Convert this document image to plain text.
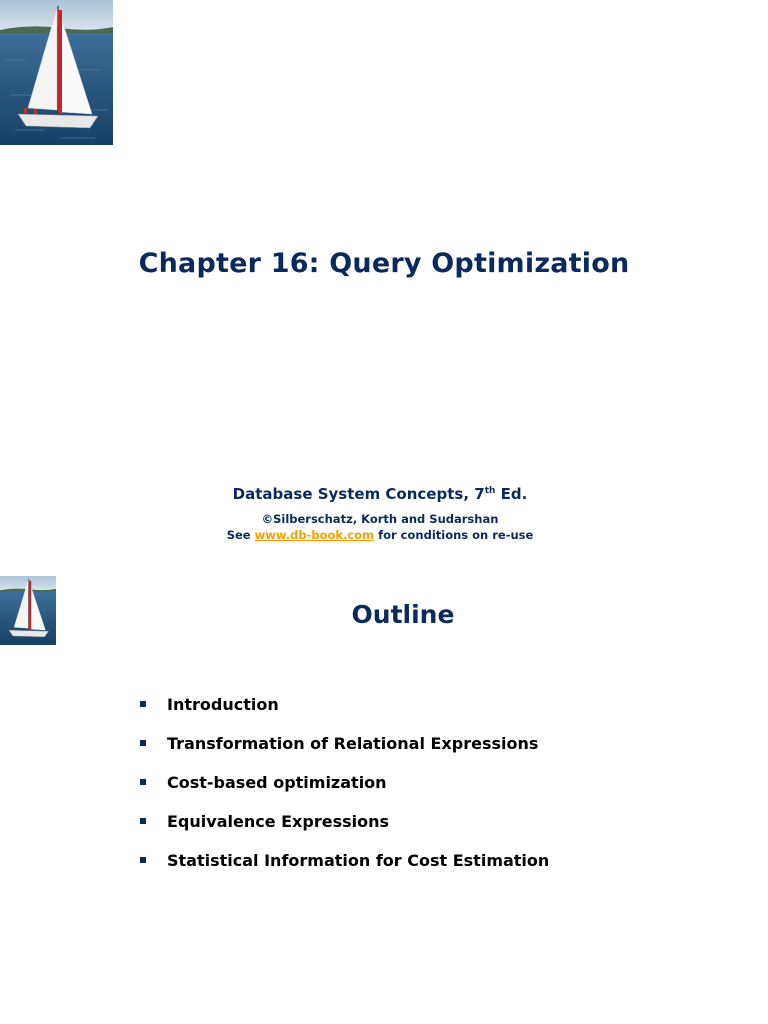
Chapter 16: Query Optimization
Database System Concepts, 7th Ed.
©Silberschatz, Korth and Sudarshan
See www.db-book.com for conditions on re-use
Outline
Introduction
Transformation of Relational Expressions
Cost-based optimization
Equivalence Expressions
Statistical Information for Cost Estimation
